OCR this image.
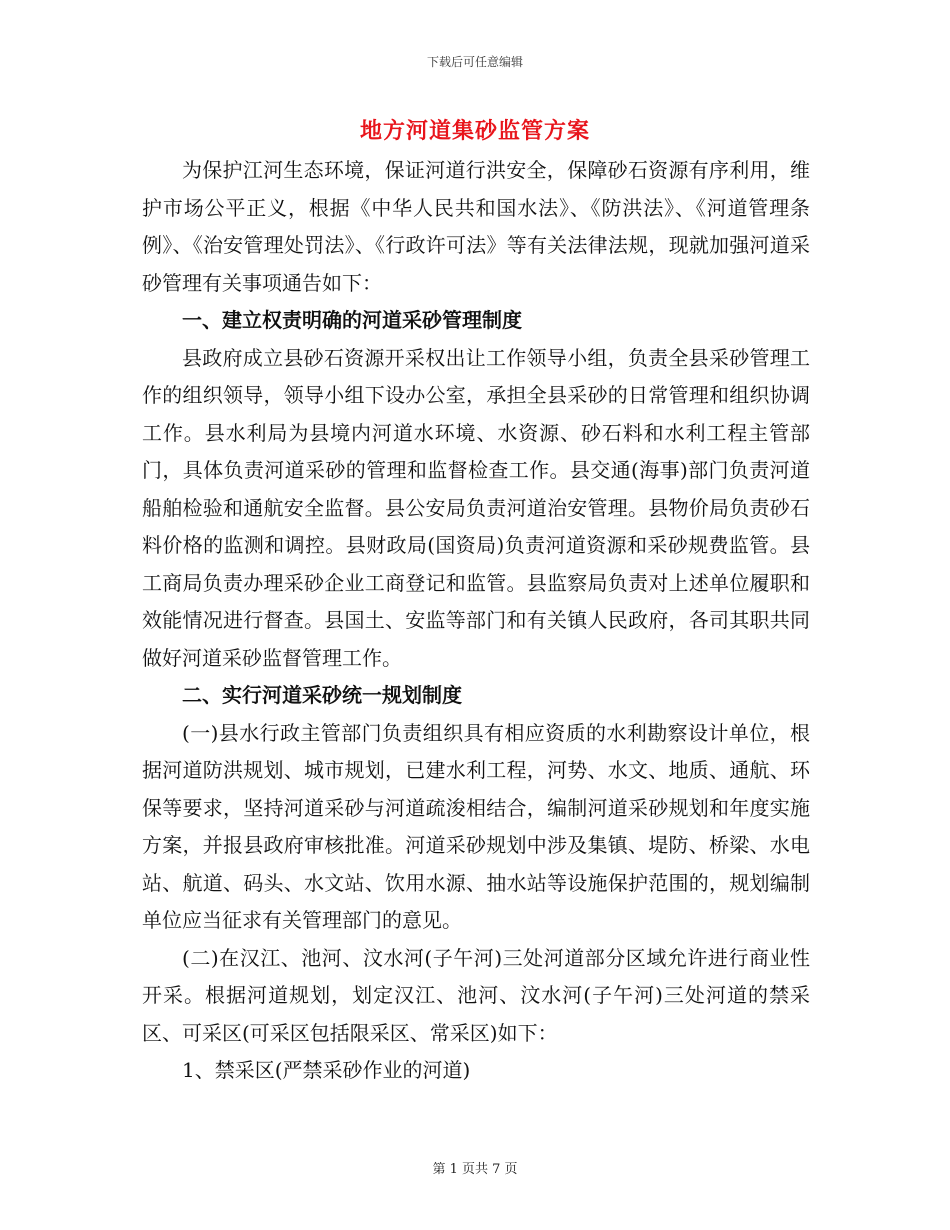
下载后可任意编辑
地方河道集砂监管方案

为保护江河生态环境，保证河道行洪安全，保障砂石资源有序利用，维护市场公平正义，根据《中华人民共和国水法》、《防洪法》、《河道管理条例》、《治安管理处罚法》、《行政许可法》等有关法律法规，现就加强河道采砂管理有关事项通告如下：

一、建立权责明确的河道采砂管理制度

县政府成立县砂石资源开采权出让工作领导小组，负责全县采砂管理工作的组织领导，领导小组下设办公室，承担全县采砂的日常管理和组织协调工作。县水利局为县境内河道水环境、水资源、砂石料和水利工程主管部门，具体负责河道采砂的管理和监督检查工作。县交通(海事)部门负责河道船舶检验和通航安全监督。县公安局负责河道治安管理。县物价局负责砂石料价格的监测和调控。县财政局(国资局)负责河道资源和采砂规费监管。县工商局负责办理采砂企业工商登记和监管。县监察局负责对上述单位履职和效能情况进行督查。县国土、安监等部门和有关镇人民政府，各司其职共同做好河道采砂监督管理工作。

二、实行河道采砂统一规划制度

(一)县水行政主管部门负责组织具有相应资质的水利勘察设计单位，根据河道防洪规划、城市规划，已建水利工程，河势、水文、地质、通航、环保等要求，坚持河道采砂与河道疏浚相结合，编制河道采砂规划和年度实施方案，并报县政府审核批准。河道采砂规划中涉及集镇、堤防、桥梁、水电站、航道、码头、水文站、饮用水源、抽水站等设施保护范围的，规划编制单位应当征求有关管理部门的意见。

(二)在汉江、池河、汶水河(子午河)三处河道部分区域允许进行商业性开采。根据河道规划，划定汉江、池河、汶水河(子午河)三处河道的禁采区、可采区(可采区包括限采区、常采区)如下：

1、禁采区(严禁采砂作业的河道)

第 1 页共 7 页
